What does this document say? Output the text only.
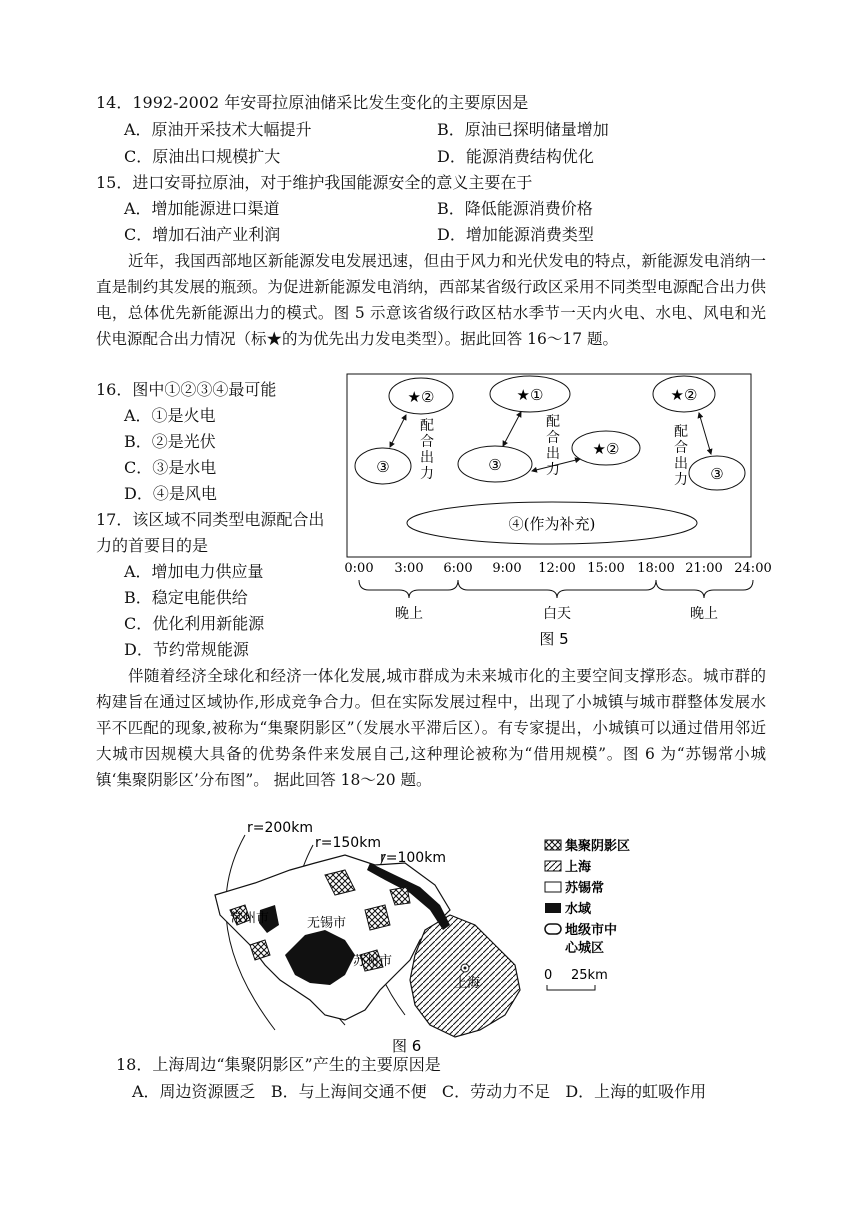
14．1992-2002 年安哥拉原油储采比发生变化的主要原因是
A．原油开采技术大幅提升	B．原油已探明储量增加
C．原油出口规模扩大	D．能源消费结构优化
15．进口安哥拉原油，对于维护我国能源安全的意义主要在于
A．增加能源进口渠道	B．降低能源消费价格
C．增加石油产业利润	D．增加能源消费类型
近年，我国西部地区新能源发电发展迅速，但由于风力和光伏发电的特点，新能源发电消纳一直是制约其发展的瓶颈。为促进新能源发电消纳，西部某省级行政区采用不同类型电源配合出力供电，总体优先新能源出力的模式。图 5 示意该省级行政区枯水季节一天内火电、水电、风电和光伏电源配合出力情况（标★的为优先出力发电类型）。据此回答 16～17 题。
16．图中①②③④最可能
A．①是火电
B．②是光伏
C．③是水电
D．④是风电
17．该区域不同类型电源配合出
力的首要目的是
A．增加电力供应量
B．稳定电能供给
C．优化利用新能源
D．节约常规能源
★②
③
配
合
出
力
★①
★②
③
配
合
出
力
★②
③
配
合
出
力
④(作为补充)
0:00 3:00 6:00 9:00 12:00 15:00 18:00 21:00 24:00
晚上	白天	晚上
图 5
伴随着经济全球化和经济一体化发展,城市群成为未来城市化的主要空间支撑形态。城市群的构建旨在通过区域协作,形成竞争合力。但在实际发展过程中，出现了小城镇与城市群整体发展水平不匹配的现象,被称为“集聚阴影区”（发展水平滞后区）。有专家提出，小城镇可以通过借用邻近大城市因规模大具备的优势条件来发展自己,这种理论被称为“借用规模”。图 6 为“苏锡常小城镇‘集聚阴影区’分布图”。 据此回答 18～20 题。
r=200km
r=150km
r=100km
常州市	无锡市
苏州市
上海
图 6
集聚阴影区
上海
苏锡常
水域
地级市中
心城区
0 25km
18．上海周边“集聚阴影区”产生的主要原因是
A．周边资源匮乏   B．与上海间交通不便   C．劳动力不足   D．上海的虹吸作用
